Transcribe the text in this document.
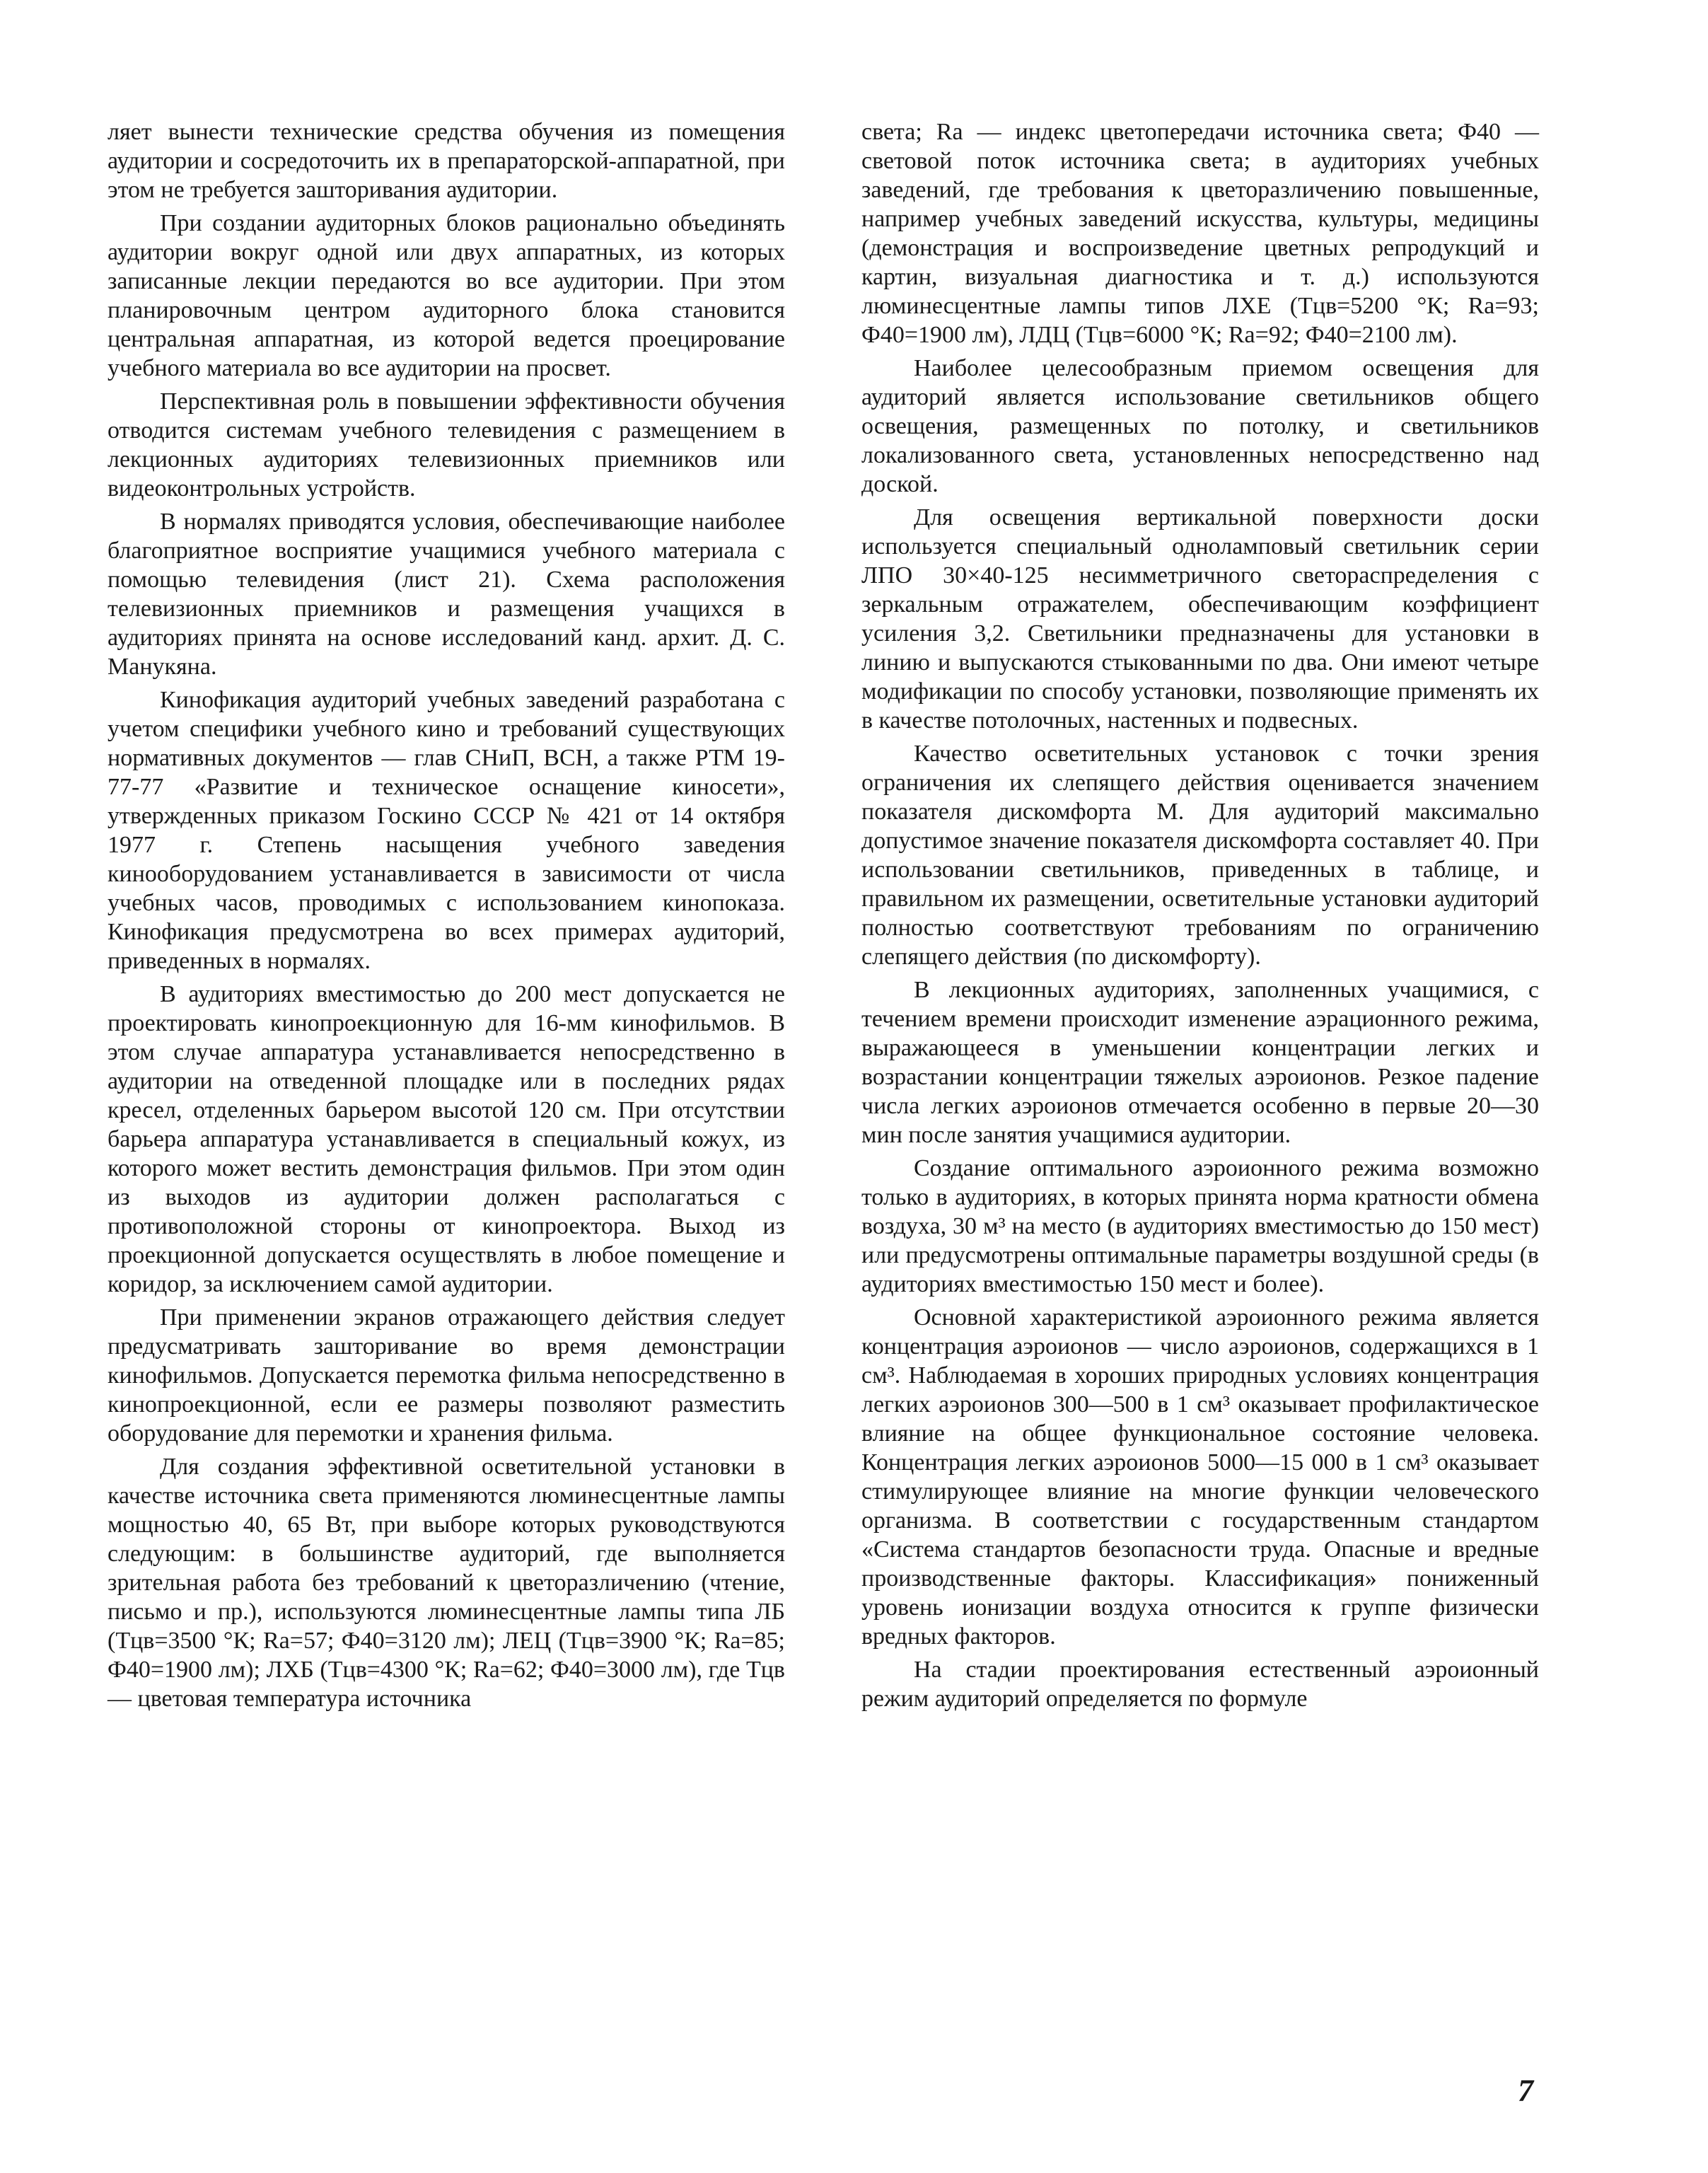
ляет вынести технические средства обучения из помещения аудитории и сосредоточить их в препараторской-аппаратной, при этом не требуется зашторивания аудитории.

При создании аудиторных блоков рационально объединять аудитории вокруг одной или двух аппаратных, из которых записанные лекции передаются во все аудитории. При этом планировочным центром аудиторного блока становится центральная аппаратная, из которой ведется проецирование учебного материала во все аудитории на просвет.

Перспективная роль в повышении эффективности обучения отводится системам учебного телевидения с размещением в лекционных аудиториях телевизионных приемников или видеоконтрольных устройств.

В нормалях приводятся условия, обеспечивающие наиболее благоприятное восприятие учащимися учебного материала с помощью телевидения (лист 21). Схема расположения телевизионных приемников и размещения учащихся в аудиториях принята на основе исследований канд. архит. Д. С. Манукяна.

Кинофикация аудиторий учебных заведений разработана с учетом специфики учебного кино и требований существующих нормативных документов — глав СНиП, ВСН, а также РТМ 19-77-77 «Развитие и техническое оснащение киносети», утвержденных приказом Госкино СССР № 421 от 14 октября 1977 г. Степень насыщения учебного заведения кинооборудованием устанавливается в зависимости от числа учебных часов, проводимых с использованием кинопоказа. Кинофикация предусмотрена во всех примерах аудиторий, приведенных в нормалях.

В аудиториях вместимостью до 200 мест допускается не проектировать кинопроекционную для 16-мм кинофильмов. В этом случае аппаратура устанавливается непосредственно в аудитории на отведенной площадке или в последних рядах кресел, отделенных барьером высотой 120 см. При отсутствии барьера аппаратура устанавливается в специальный кожух, из которого может вестить демонстрация фильмов. При этом один из выходов из аудитории должен располагаться с противоположной стороны от кинопроектора. Выход из проекционной допускается осуществлять в любое помещение и коридор, за исключением самой аудитории.

При применении экранов отражающего действия следует предусматривать зашторивание во время демонстрации кинофильмов. Допускается перемотка фильма непосредственно в кинопроекционной, если ее размеры позволяют разместить оборудование для перемотки и хранения фильма.

Для создания эффективной осветительной установки в качестве источника света применяются люминесцентные лампы мощностью 40, 65 Вт, при выборе которых руководствуются следующим: в большинстве аудиторий, где выполняется зрительная работа без требований к цветоразличению (чтение, письмо и пр.), используются люминесцентные лампы типа ЛБ (Тцв=3500 °К; Ra=57; Ф40=3120 лм); ЛЕЦ (Тцв=3900 °К; Ra=85; Ф40=1900 лм); ЛХБ (Тцв=4300 °К; Ra=62; Ф40=3000 лм), где Тцв — цветовая температура источника

света; Ra — индекс цветопередачи источника света; Ф40 — световой поток источника света; в аудиториях учебных заведений, где требования к цветоразличению повышенные, например учебных заведений искусства, культуры, медицины (демонстрация и воспроизведение цветных репродукций и картин, визуальная диагностика и т. д.) используются люминесцентные лампы типов ЛХЕ (Тцв=5200 °К; Ra=93; Ф40=1900 лм), ЛДЦ (Тцв=6000 °К; Ra=92; Ф40=2100 лм).

Наиболее целесообразным приемом освещения для аудиторий является использование светильников общего освещения, размещенных по потолку, и светильников локализованного света, установленных непосредственно над доской.

Для освещения вертикальной поверхности доски используется специальный одноламповый светильник серии ЛПО 30×40-125 несимметричного светораспределения с зеркальным отражателем, обеспечивающим коэффициент усиления 3,2. Светильники предназначены для установки в линию и выпускаются стыкованными по два. Они имеют четыре модификации по способу установки, позволяющие применять их в качестве потолочных, настенных и подвесных.

Качество осветительных установок с точки зрения ограничения их слепящего действия оценивается значением показателя дискомфорта М. Для аудиторий максимально допустимое значение показателя дискомфорта составляет 40. При использовании светильников, приведенных в таблице, и правильном их размещении, осветительные установки аудиторий полностью соответствуют требованиям по ограничению слепящего действия (по дискомфорту).

В лекционных аудиториях, заполненных учащимися, с течением времени происходит изменение аэрационного режима, выражающееся в уменьшении концентрации легких и возрастании концентрации тяжелых аэроионов. Резкое падение числа легких аэроионов отмечается особенно в первые 20—30 мин после занятия учащимися аудитории.

Создание оптимального аэроионного режима возможно только в аудиториях, в которых принята норма кратности обмена воздуха, 30 м³ на место (в аудиториях вместимостью до 150 мест) или предусмотрены оптимальные параметры воздушной среды (в аудиториях вместимостью 150 мест и более).

Основной характеристикой аэроионного режима является концентрация аэроионов — число аэроионов, содержащихся в 1 см³. Наблюдаемая в хороших природных условиях концентрация легких аэроионов 300—500 в 1 см³ оказывает профилактическое влияние на общее функциональное состояние человека. Концентрация легких аэроионов 5000—15 000 в 1 см³ оказывает стимулирующее влияние на многие функции человеческого организма. В соответствии с государственным стандартом «Система стандартов безопасности труда. Опасные и вредные производственные факторы. Классификация» пониженный уровень ионизации воздуха относится к группе физически вредных факторов.

На стадии проектирования естественный аэроионный режим аудиторий определяется по формуле

7
